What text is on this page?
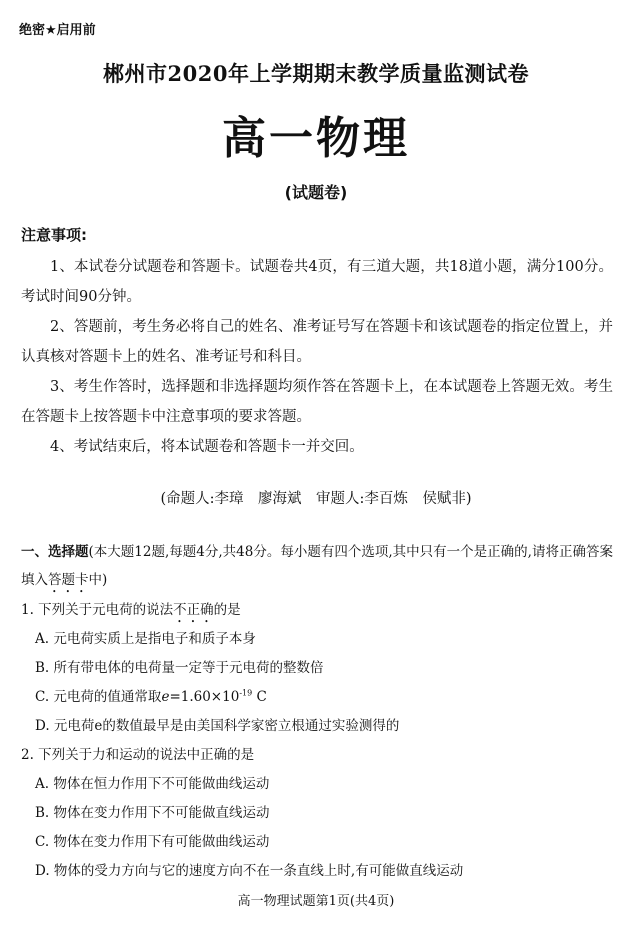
绝密★启用前
郴州市2020年上学期期末教学质量监测试卷
高一物理
(试题卷)
注意事项:

1、本试卷分试题卷和答题卡。试题卷共4页，有三道大题，共18道小题，满分100分。考试时间90分钟。

2、答题前，考生务必将自己的姓名、准考证号写在答题卡和该试题卷的指定位置上，并认真核对答题卡上的姓名、准考证号和科目。

3、考生作答时，选择题和非选择题均须作答在答题卡上，在本试题卷上答题无效。考生在答题卡上按答题卡中注意事项的要求答题。

4、考试结束后，将本试题卷和答题卡一并交回。

(命题人:李璋　廖海斌　审题人:李百炼　侯赋非)
一、选择题(本大题12题,每题4分,共48分。每小题有四个选项,其中只有一个是正确的,请将正确答案填入答题卡中)
1. 下列关于元电荷的说法不正确的是
A. 元电荷实质上是指电子和质子本身
B. 所有带电体的电荷量一定等于元电荷的整数倍
C. 元电荷的值通常取$e=1.60\times 10^{-19}$ C
D. 元电荷e的数值最早是由美国科学家密立根通过实验测得的
2. 下列关于力和运动的说法中正确的是
A. 物体在恒力作用下不可能做曲线运动
B. 物体在变力作用下不可能做直线运动
C. 物体在变力作用下有可能做曲线运动
D. 物体的受力方向与它的速度方向不在一条直线上时,有可能做直线运动
高一物理试题第1页(共4页)
